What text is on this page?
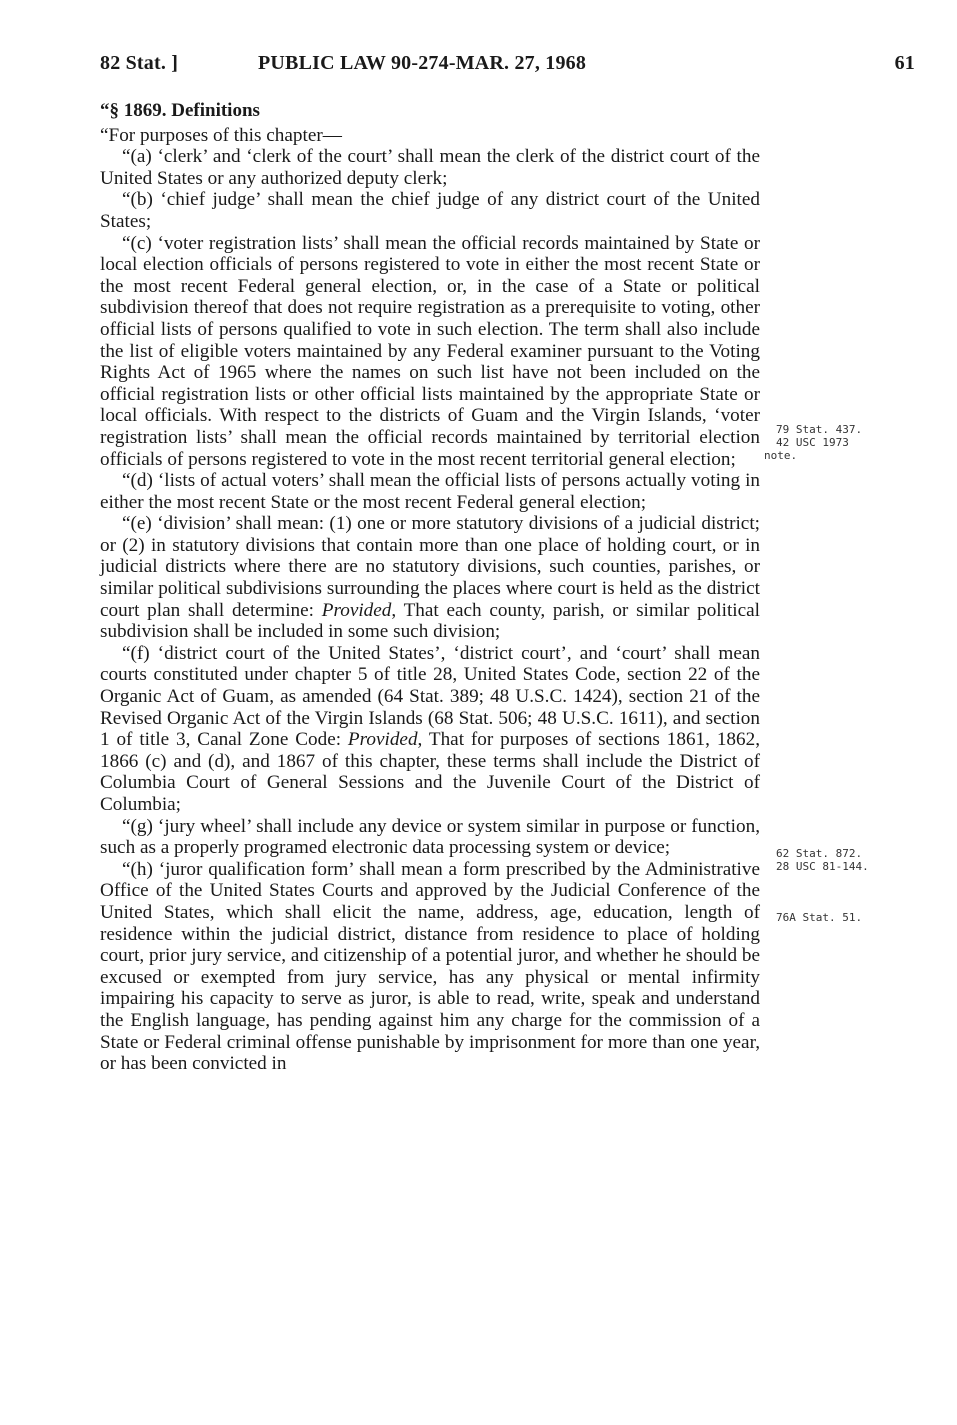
82 Stat. ]	PUBLIC LAW 90-274-MAR. 27, 1968	61

“§ 1869. Definitions

“For purposes of this chapter—

“(a) ‘clerk’ and ‘clerk of the court’ shall mean the clerk of the district court of the United States or any authorized deputy clerk;

“(b) ‘chief judge’ shall mean the chief judge of any district court of the United States;

“(c) ‘voter registration lists’ shall mean the official records maintained by State or local election officials of persons registered to vote in either the most recent State or the most recent Federal general election, or, in the case of a State or political subdivision thereof that does not require registration as a prerequisite to voting, other official lists of persons qualified to vote in such election. The term shall also include the list of eligible voters maintained by any Federal examiner pursuant to the Voting Rights Act of 1965 where the names on such list have not been included on the official registration lists or other official lists maintained by the appropriate State or local officials. With respect to the districts of Guam and the Virgin Islands, ‘voter registration lists’ shall mean the official records maintained by territorial election officials of persons registered to vote in the most recent territorial general election;

“(d) ‘lists of actual voters’ shall mean the official lists of persons actually voting in either the most recent State or the most recent Federal general election;

“(e) ‘division’ shall mean: (1) one or more statutory divisions of a judicial district; or (2) in statutory divisions that contain more than one place of holding court, or in judicial districts where there are no statutory divisions, such counties, parishes, or similar political subdivisions surrounding the places where court is held as the district court plan shall determine: Provided, That each county, parish, or similar political subdivision shall be included in some such division;

“(f) ‘district court of the United States’, ‘district court’, and ‘court’ shall mean courts constituted under chapter 5 of title 28, United States Code, section 22 of the Organic Act of Guam, as amended (64 Stat. 389; 48 U.S.C. 1424), section 21 of the Revised Organic Act of the Virgin Islands (68 Stat. 506; 48 U.S.C. 1611), and section 1 of title 3, Canal Zone Code: Provided, That for purposes of sections 1861, 1862, 1866 (c) and (d), and 1867 of this chapter, these terms shall include the District of Columbia Court of General Sessions and the Juvenile Court of the District of Columbia;

“(g) ‘jury wheel’ shall include any device or system similar in purpose or function, such as a properly programed electronic data processing system or device;

“(h) ‘juror qualification form’ shall mean a form prescribed by the Administrative Office of the United States Courts and approved by the Judicial Conference of the United States, which shall elicit the name, address, age, education, length of residence within the judicial district, distance from residence to place of holding court, prior jury service, and citizenship of a potential juror, and whether he should be excused or exempted from jury service, has any physical or mental infirmity impairing his capacity to serve as juror, is able to read, write, speak and understand the English language, has pending against him any charge for the commission of a State or Federal criminal offense punishable by imprisonment for more than one year, or has been convicted in

79 Stat. 437.
42 USC 1973
note.
62 Stat. 872.
28 USC 81-144.
76A Stat. 51.
